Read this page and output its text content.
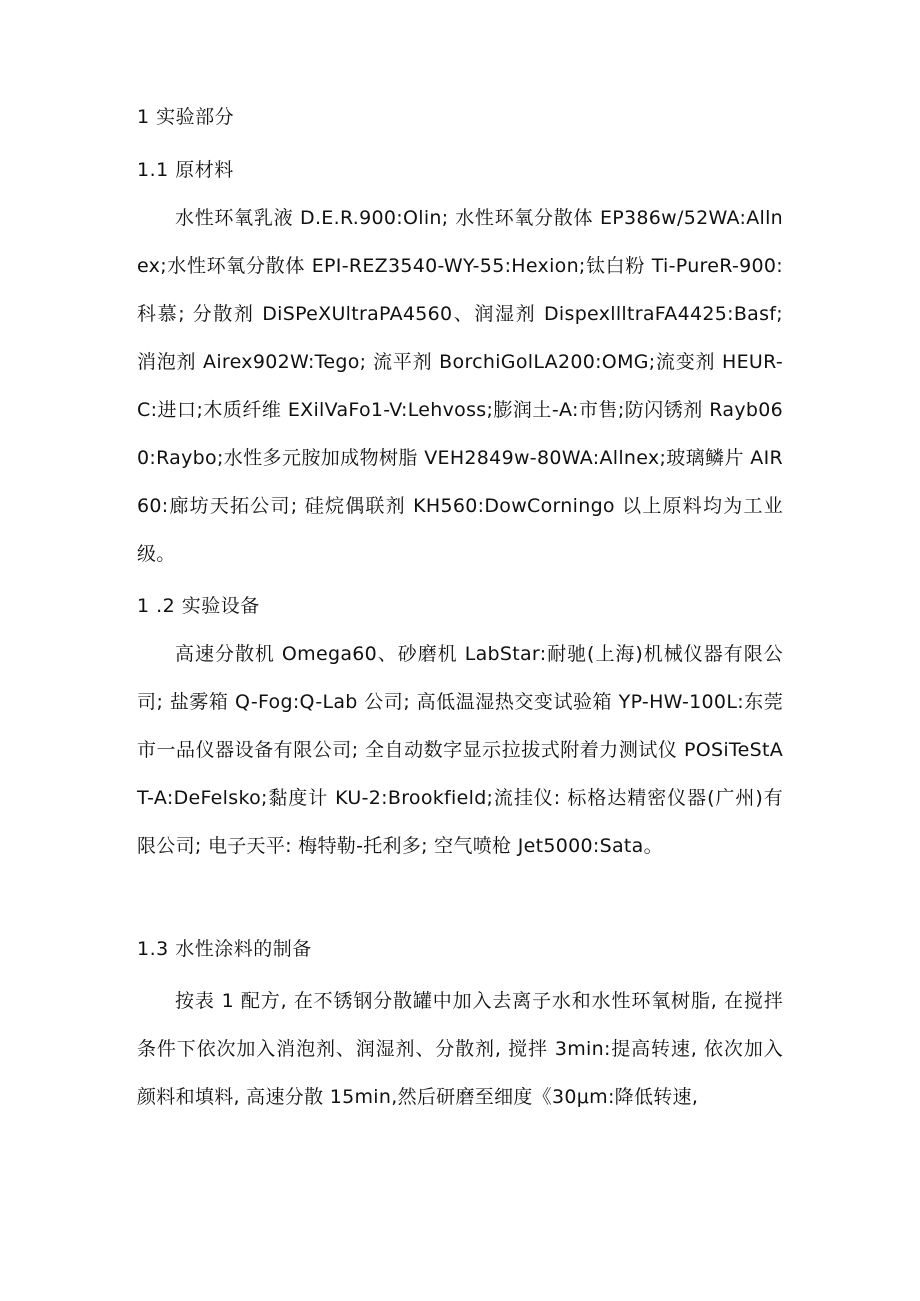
1 实验部分
1.1 原材料
水性环氧乳液 D.E.R.900:Olin; 水性环氧分散体 EP386w/52WA:Allnex;水性环氧分散体 EPI-REZ3540-WY-55:Hexion;钛白粉 Ti-PureR-900:科慕; 分散剂 DiSPeXUltraPA4560、润湿剂 DispexllltraFA4425:Basf; 消泡剂 Airex902W:Tego; 流平剂 BorchiGolLA200:OMG;流变剂 HEUR-C:进口;木质纤维 EXilVaFo1-V:Lehvoss;膨润土-A:市售;防闪锈剂 Rayb060:Raybo;水性多元胺加成物树脂 VEH2849w-80WA:Allnex;玻璃鳞片 AIR60:廊坊天拓公司; 硅烷偶联剂 KH560:DowCorningo 以上原料均为工业级。
1 .2 实验设备
高速分散机 Omega60、砂磨机 LabStar:耐驰(上海)机械仪器有限公司; 盐雾箱 Q-Fog:Q-Lab 公司; 高低温湿热交变试验箱 YP-HW-100L:东莞市一品仪器设备有限公司; 全自动数字显示拉拔式附着力测试仪 POSiTeStAT-A:DeFelsko;黏度计 KU-2:Brookfield;流挂仪: 标格达精密仪器(广州)有限公司; 电子天平: 梅特勒-托利多; 空气喷枪 Jet5000:Sata。
1.3 水性涂料的制备
按表 1 配方, 在不锈钢分散罐中加入去离子水和水性环氧树脂, 在搅拌条件下依次加入消泡剂、润湿剂、分散剂, 搅拌 3min:提高转速, 依次加入颜料和填料, 高速分散 15min,然后研磨至细度《30μm:降低转速,
